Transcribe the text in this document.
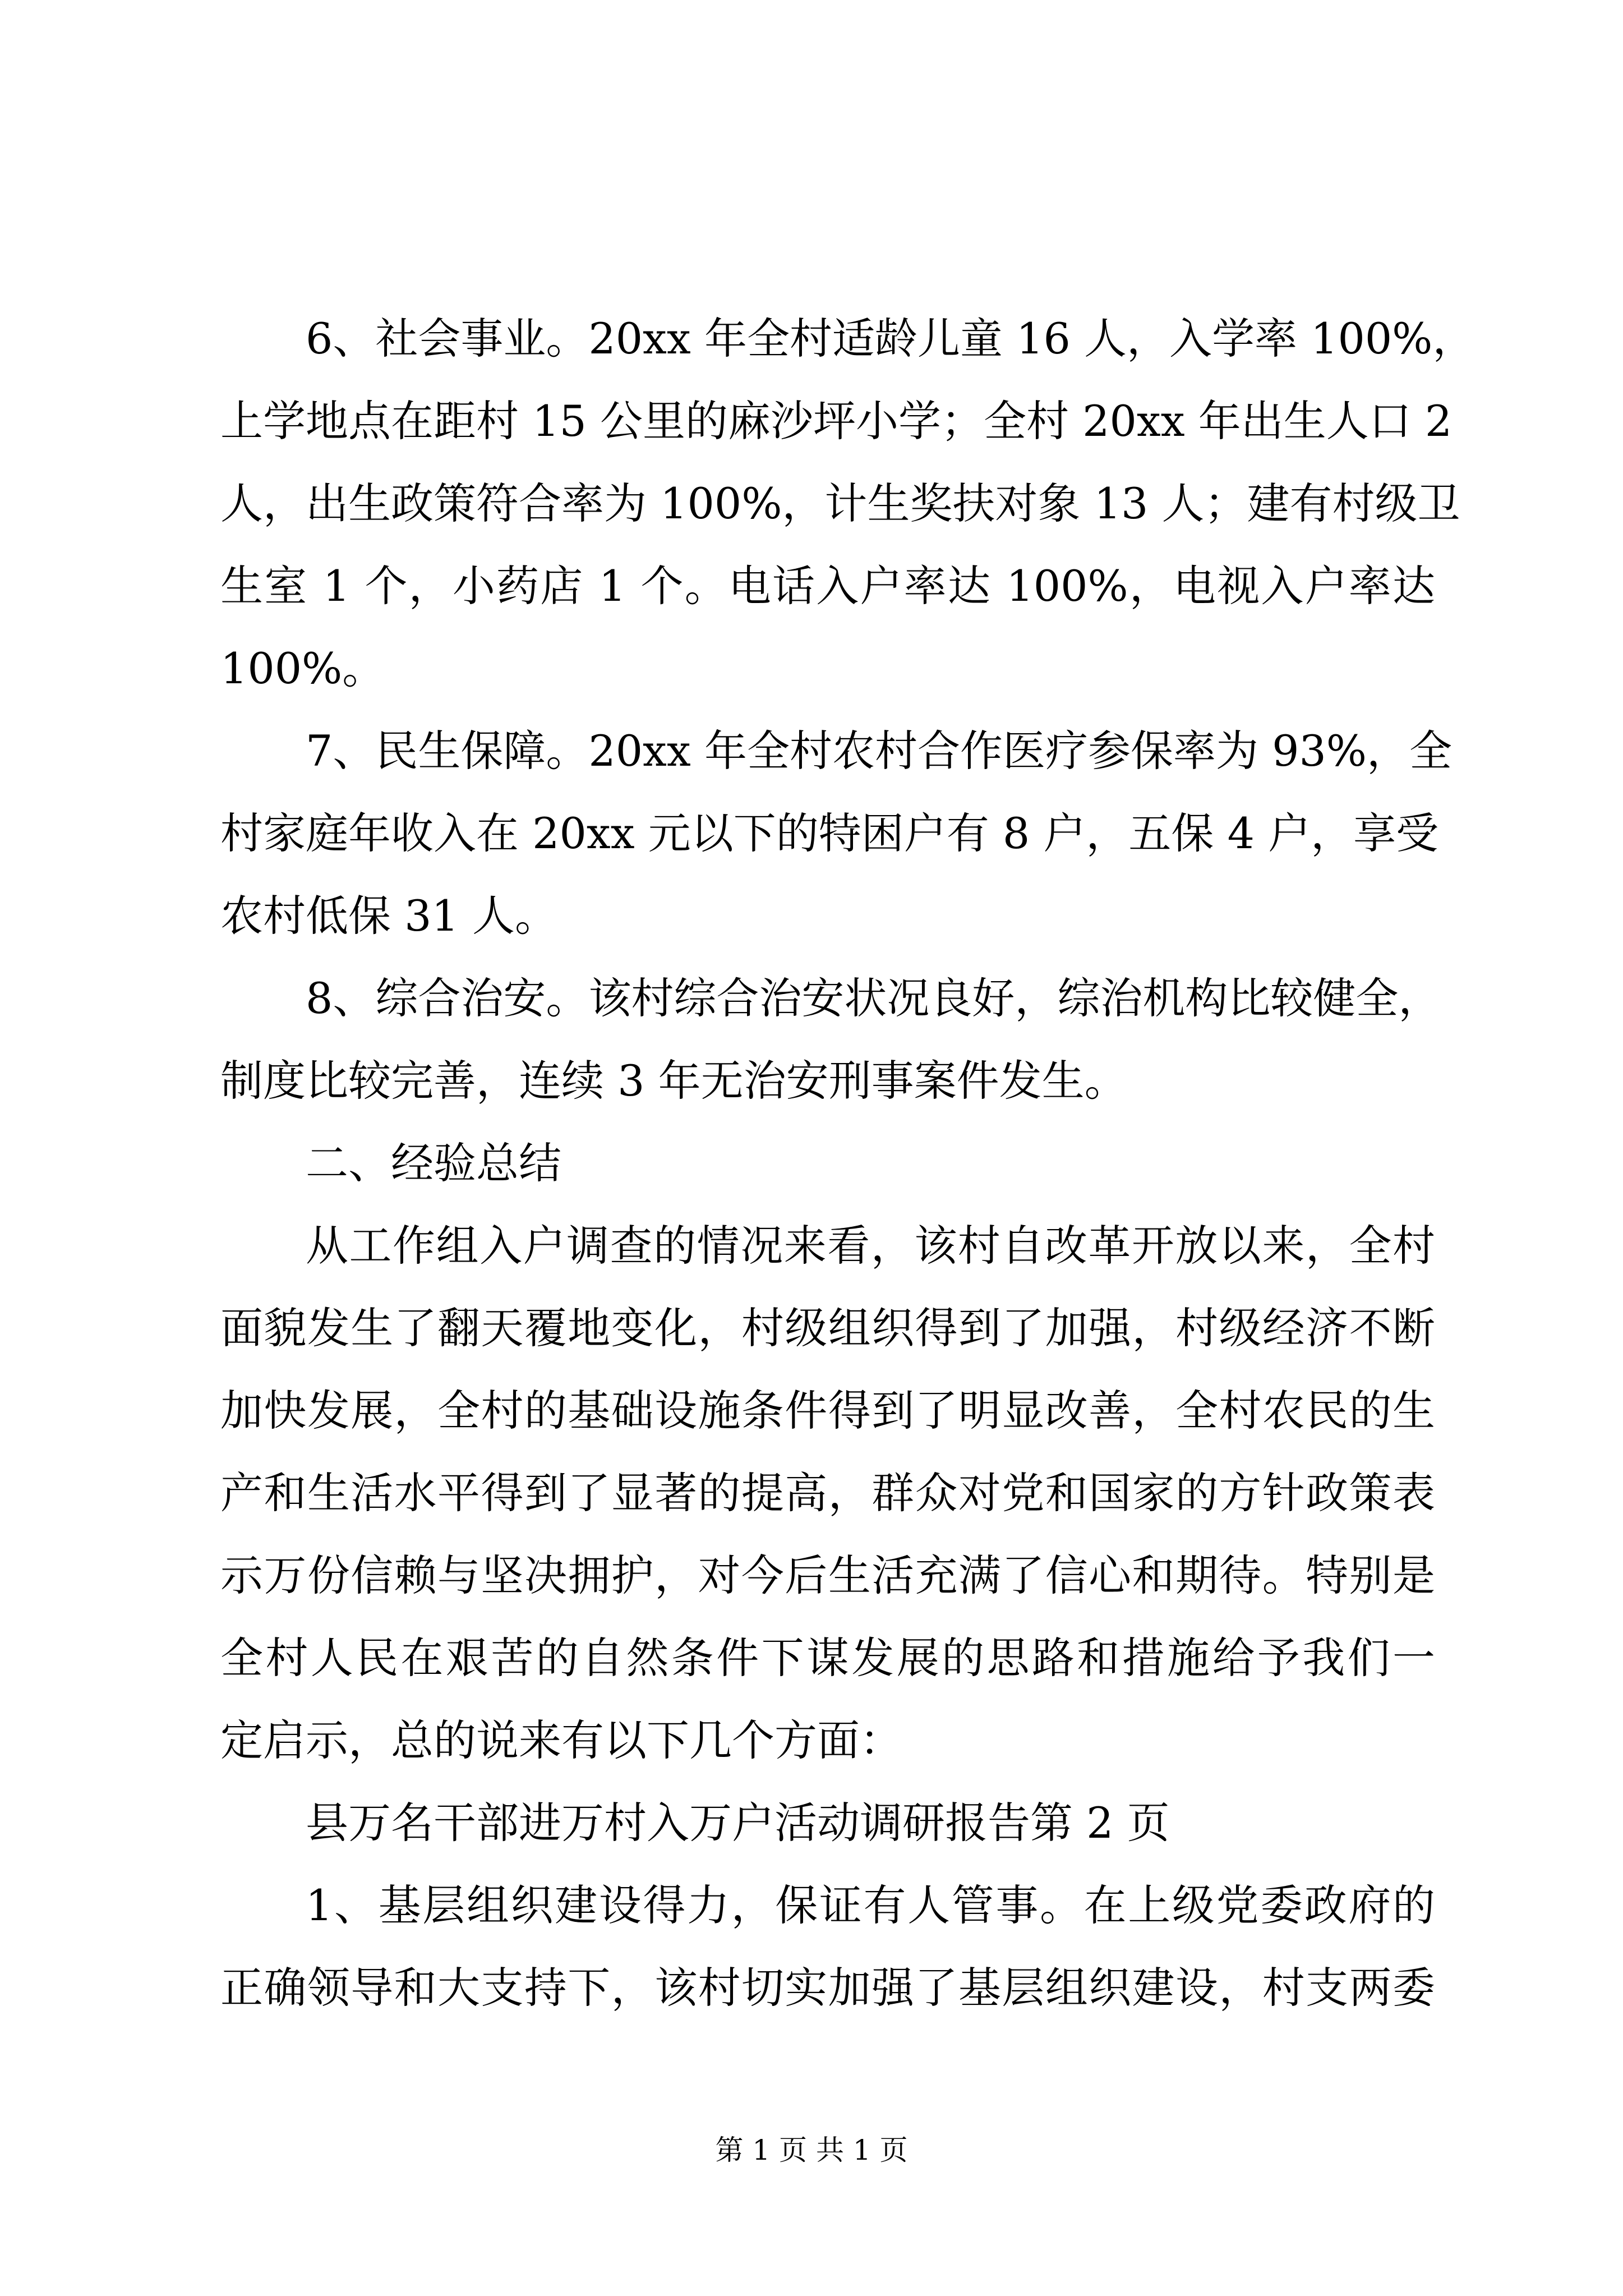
6、社会事业。20xx 年全村适龄儿童 16 人，入学率 100%，
上学地点在距村 15 公里的麻沙坪小学；全村 20xx 年出生人口 2
人，出生政策符合率为 100%，计生奖扶对象 13 人；建有村级卫
生室 1 个，小药店 1 个。电话入户率达 100%，电视入户率达
100%。
7、民生保障。20xx 年全村农村合作医疗参保率为 93%，全
村家庭年收入在 20xx 元以下的特困户有 8 户，五保 4 户，享受
农村低保 31 人。
8、综合治安。该村综合治安状况良好，综治机构比较健全，
制度比较完善，连续 3 年无治安刑事案件发生。
二、经验总结
从工作组入户调查的情况来看，该村自改革开放以来，全村
面貌发生了翻天覆地变化，村级组织得到了加强，村级经济不断
加快发展，全村的基础设施条件得到了明显改善，全村农民的生
产和生活水平得到了显著的提高，群众对党和国家的方针政策表
示万份信赖与坚决拥护，对今后生活充满了信心和期待。特别是
全村人民在艰苦的自然条件下谋发展的思路和措施给予我们一
定启示，总的说来有以下几个方面：
县万名干部进万村入万户活动调研报告第 2 页
1、基层组织建设得力，保证有人管事。在上级党委政府的
正确领导和大支持下，该村切实加强了基层组织建设，村支两委
第 1 页 共 1 页
